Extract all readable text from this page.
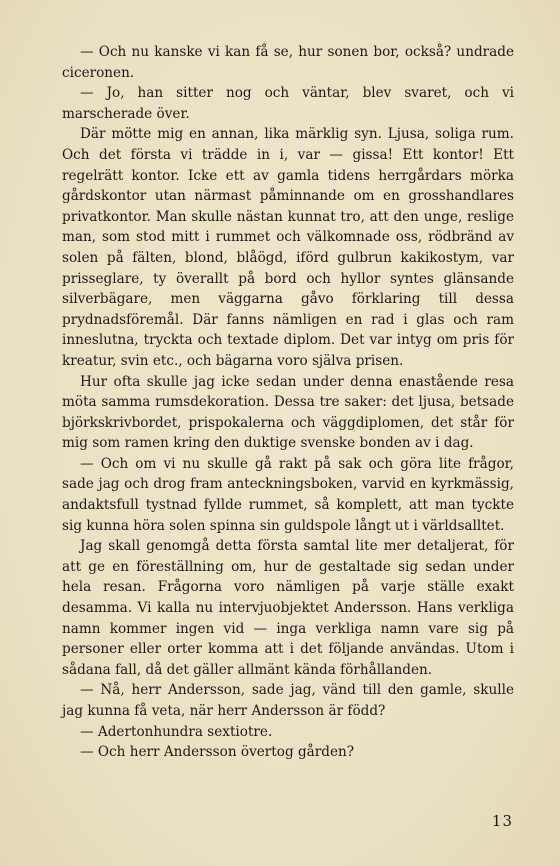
— Och nu kanske vi kan få se, hur sonen bor, också? undrade ciceronen.

— Jo, han sitter nog och väntar, blev svaret, och vi marscherade över.

Där mötte mig en annan, lika märklig syn. Ljusa, soliga rum. Och det första vi trädde in i, var — gissa! Ett kontor! Ett regelrätt kontor. Icke ett av gamla tidens herrgårdars mörka gårdskontor utan närmast påminnande om en grosshandlares privatkontor. Man skulle nästan kunnat tro, att den unge, reslige man, som stod mitt i rummet och välkomnade oss, rödbränd av solen på fälten, blond, blåögd, iförd gulbrun kakikostym, var prisseglare, ty överallt på bord och hyllor syntes glänsande silverbägare, men väggarna gåvo förklaring till dessa prydnadsföremål. Där fanns nämligen en rad i glas och ram inneslutna, tryckta och textade diplom. Det var intyg om pris för kreatur, svin etc., och bägarna voro själva prisen.

Hur ofta skulle jag icke sedan under denna enastående resa möta samma rumsdekoration. Dessa tre saker: det ljusa, betsade björkskrivbordet, prispokalerna och väggdiplomen, det står för mig som ramen kring den duktige svenske bonden av i dag.

— Och om vi nu skulle gå rakt på sak och göra lite frågor, sade jag och drog fram anteckningsboken, varvid en kyrkmässig, andaktsfull tystnad fyllde rummet, så komplett, att man tyckte sig kunna höra solen spinna sin guldspole långt ut i världsalltet.

Jag skall genomgå detta första samtal lite mer detaljerat, för att ge en föreställning om, hur de gestaltade sig sedan under hela resan. Frågorna voro nämligen på varje ställe exakt desamma. Vi kalla nu intervjuobjektet Andersson. Hans verkliga namn kommer ingen vid — inga verkliga namn vare sig på personer eller orter komma att i det följande användas. Utom i sådana fall, då det gäller allmänt kända förhållanden.

— Nå, herr Andersson, sade jag, vänd till den gamle, skulle jag kunna få veta, när herr Andersson är född?

— Adertonhundra sextiotre.

— Och herr Andersson övertog gården?

13
